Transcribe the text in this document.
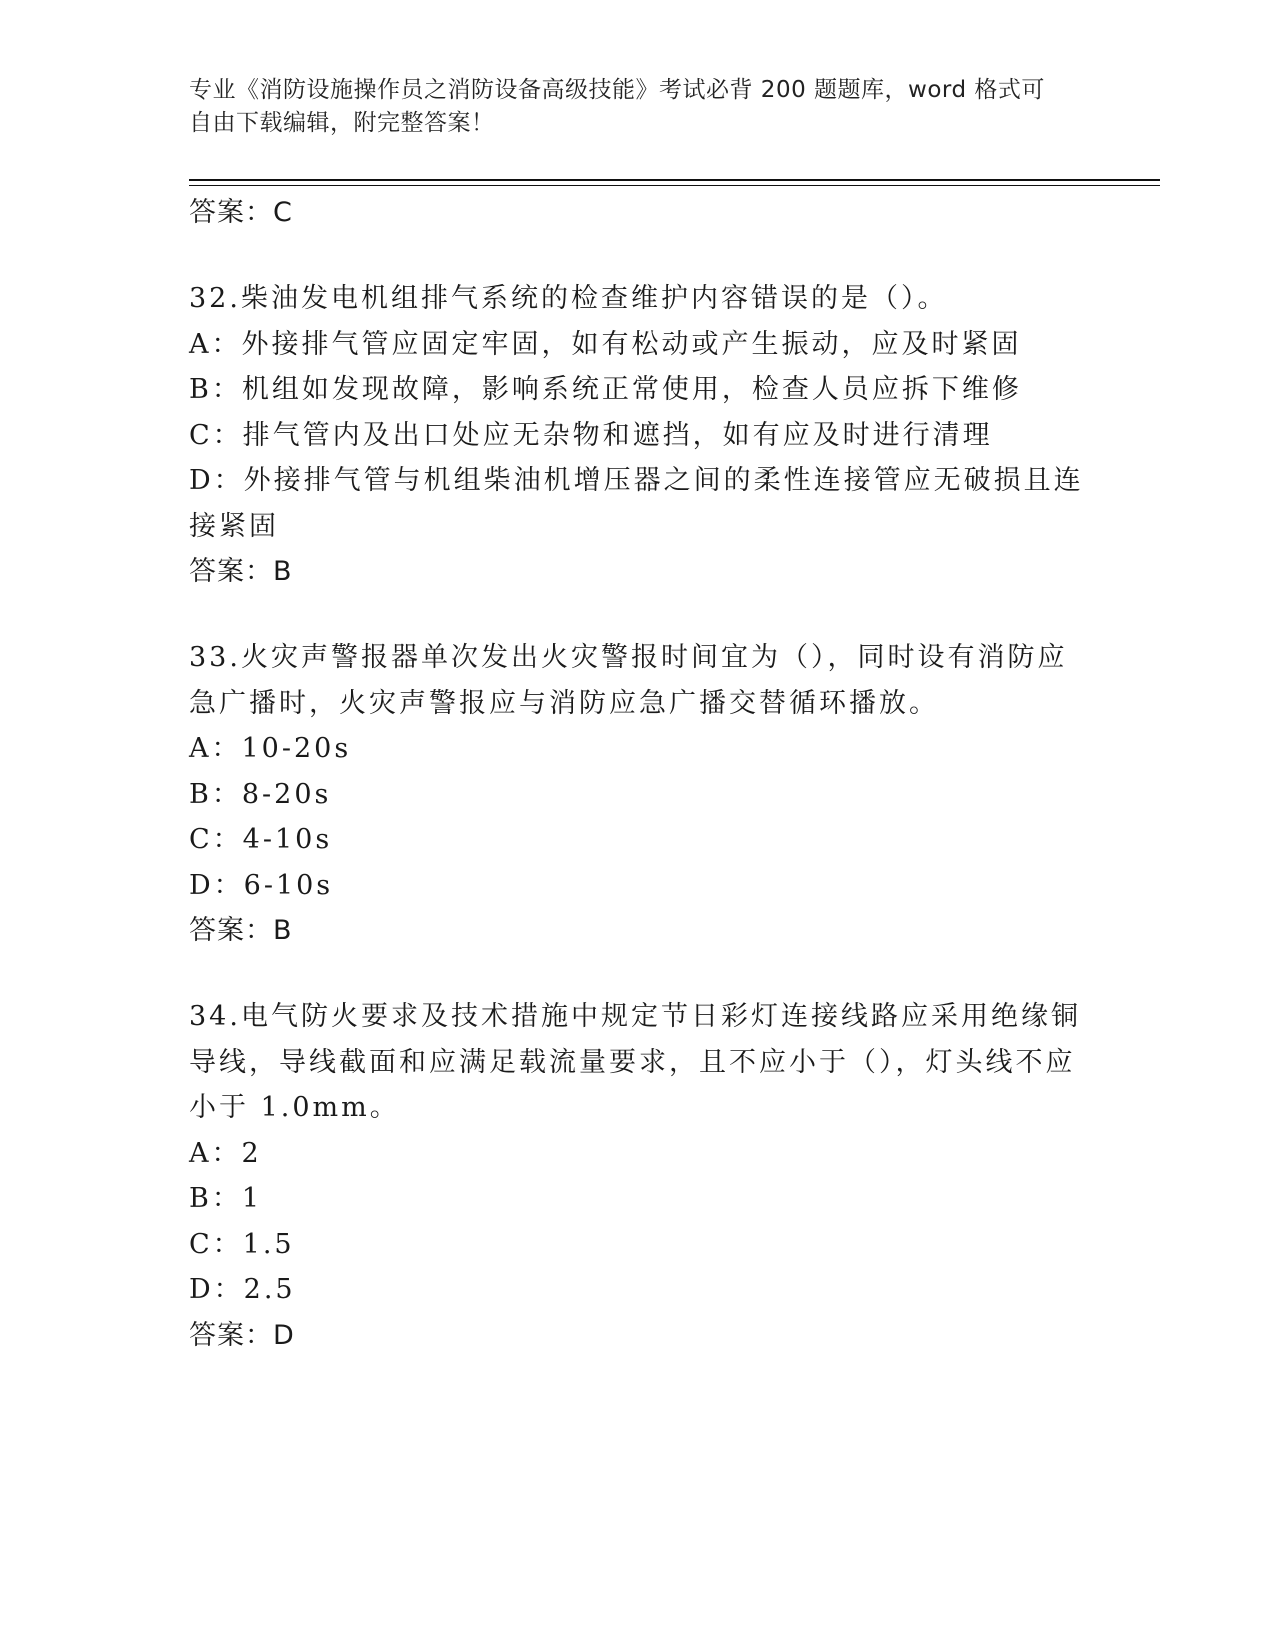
专业《消防设施操作员之消防设备高级技能》考试必背 200 题题库，word 格式可
自由下载编辑，附完整答案！

答案：C

32.柴油发电机组排气系统的检查维护内容错误的是（）。

A：外接排气管应固定牢固，如有松动或产生振动，应及时紧固

B：机组如发现故障，影响系统正常使用，检查人员应拆下维修

C：排气管内及出口处应无杂物和遮挡，如有应及时进行清理

D：外接排气管与机组柴油机增压器之间的柔性连接管应无破损且连接紧固

答案：B

33.火灾声警报器单次发出火灾警报时间宜为（），同时设有消防应急广播时，火灾声警报应与消防应急广播交替循环播放。

A：10-20s

B：8-20s

C：4-10s

D：6-10s

答案：B

34.电气防火要求及技术措施中规定节日彩灯连接线路应采用绝缘铜导线，导线截面和应满足载流量要求，且不应小于（），灯头线不应小于 1.0mm。

A：2

B：1

C：1.5

D：2.5

答案：D
